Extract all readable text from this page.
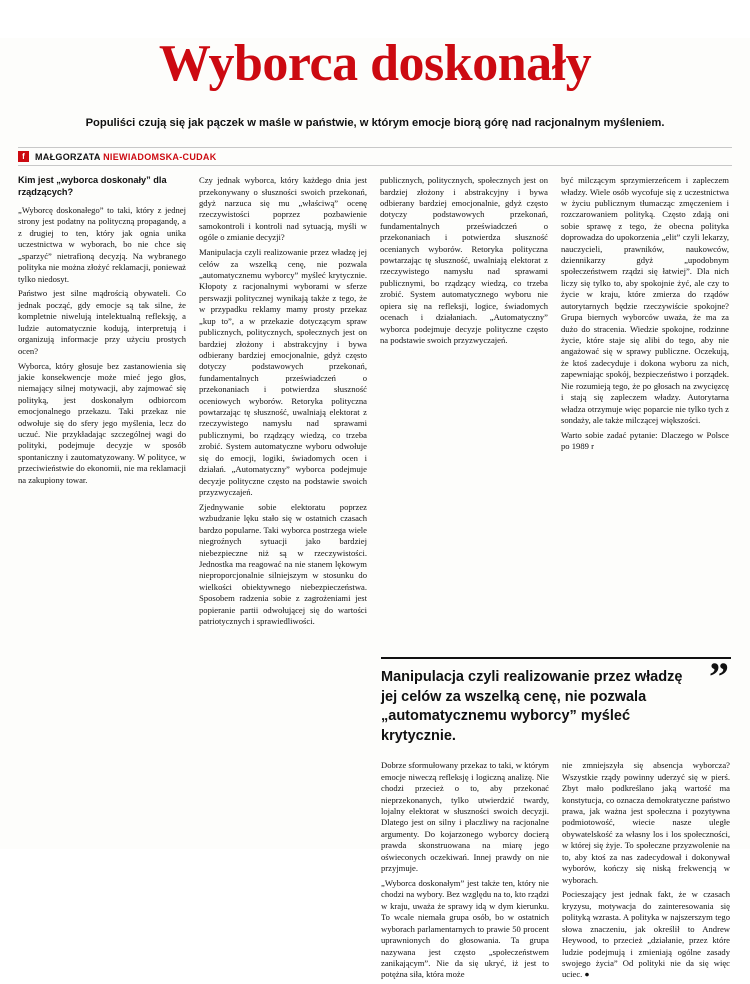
Wyborca doskonały
Populiści czują się jak pączek w maśle w państwie, w którym emocje biorą górę nad racjonalnym myśleniem.
f	MAŁGORZATA NIEWIADOMSKA-CUDAK
Kim jest „wyborca doskonały” dla rządzących?

„Wyborcę doskonałego” to taki, który z jednej strony jest podatny na polityczną propagandę, a z drugiej to ten, który jak ognia unika uczestnictwa w wyborach, bo nie chce się „sparzyć” nietrafioną decyzją. Na wybranego polityka nie można złożyć reklamacji, ponieważ tylko niedosyt.

Państwo jest silne mądrością obywateli. Co jednak począć, gdy emocje są tak silne, że kompletnie niwelują intelektualną refleksję, a ludzie automatycznie kodują, interpretują i organizują informacje przy użyciu prostych ocen?

Wyborca, który głosuje bez zastanowienia się jakie konsekwencje może mieć jego głos, niemający silnej motywacji, aby zajmować się polityką, jest doskonałym odbiorcom emocjonalnego przekazu. Taki przekaz nie odwołuje się do sfery jego myślenia, lecz do uczuć. Nie przykładając szczególnej wagi do polityki, podejmuje decyzje w sposób spontaniczny i zautomatyzowany. W polityce, w przeciwieństwie do ekonomii, nie ma reklamacji na zakupiony towar.

Czy jednak wyborca, który każdego dnia jest przekonywany o słuszności swoich przekonań, gdyż narzuca się mu „właściwą” ocenę rzeczywistości poprzez pozbawienie samokontroli i kontroli nad sytuacją, myśli w ogóle o zmianie decyzji?

Manipulacja czyli realizowanie przez władzę jej celów za wszelką cenę, nie pozwala „automatycznemu wyborcy” myśleć krytycznie. Kłopoty z racjonalnymi wyborami w sferze perswazji politycznej wynikają także z tego, że w przypadku reklamy mamy prosty przekaz „kup to”, a w przekazie dotyczącym spraw publicznych, politycznych, społecznych jest on bardziej złożony i abstrakcyjny i bywa odbierany bardziej emocjonalnie, gdyż często dotyczy podstawowych przekonań, fundamentalnych przeświadczeń o przekonaniach i potwierdza słuszność oceniowych wyborów. Retoryka polityczna powtarzając tę słuszność, uwalniają elektorat z rzeczywistego namysłu nad sprawami publicznymi, bo rządzący wiedzą, co trzeba zrobić. System automatyczne wyboru odwołuje się do emocji, logiki, świadomych ocen i działań. „Automatyczny” wyborca podejmuje decyzje polityczne często na podstawie swoich przyzwyczajeń.

Zjednywanie sobie elektoratu poprzez wzbudzanie lęku stało się w ostatnich czasach bardzo popularne. Taki wyborca postrzega wiele niegroźnych sytuacji jako bardziej niebezpieczne niż są w rzeczywistości. Jednostka ma reagować na nie stanem lękowym nieproporcjonalnie silniejszym w stosunku do wielkości obiektywnego niebezpieczeństwa. Sposobem radzenia sobie z zagrożeniami jest popieranie partii odwołującej się do wartości patriotycznych i sprawiedliwości.

publicznych, politycznych, społecznych jest on bardziej złożony i abstrakcyjny i bywa odbierany bardziej emocjonalnie, gdyż często dotyczy podstawowych przekonań, fundamentalnych przeświadczeń o przekonaniach i potwierdza słuszność ocenianych wyborów. Retoryka polityczna powtarzając tę słuszność, uwalniają elektorat z rzeczywistego namysłu nad sprawami publicznymi, bo rządzący wiedzą, co trzeba zrobić. System automatycznego wyboru nie opiera się na refleksji, logice, świadomych ocenach i działaniach. „Automatyczny” wyborca podejmuje decyzje polityczne często na podstawie swoich przyzwyczajeń.

być milczącym sprzymierzeńcem i zapleczem władzy. Wiele osób wycofuje się z uczestnictwa w życiu publicznym tłumacząc zmęczeniem i rozczarowaniem polityką. Często zdają oni sobie sprawę z tego, że obecna polityka doprowadza do upokorzenia „elit” czyli lekarzy, nauczycieli, prawników, naukowców, dziennikarzy gdyż „upodobnym społeczeństwem rządzi się łatwiej”. Dla nich liczy się tylko to, aby spokojnie żyć, ale czy to życie w kraju, które zmierza do rządów autorytarnych będzie rzeczywiście spokojne? Grupa biernych wyborców uważa, że ma za dużo do stracenia. Wiedzie spokojne, rodzinne życie, które staje się alibi do tego, aby nie angażować się w sprawy publiczne. Oczekują, że ktoś zadecyduje i dokona wyboru za nich, zapewniając spokój, bezpieczeństwo i porządek. Nie rozumieją tego, że po głosach na zwycięzcę i stają się zapleczem władzy. Autorytarna władza otrzymuje więc poparcie nie tylko tych z sondaży, ale także milczącej większości.

Warto sobie zadać pytanie: Dlaczego w Polsce po 1989 r

”

Manipulacja czyli realizowanie przez władzę jej celów za wszelką cenę, nie pozwala „automatycznemu wyborcy” myśleć krytycznie.

Dobrze sformułowany przekaz to taki, w którym emocje niweczą refleksję i logiczną analizę. Nie chodzi przecież o to, aby przekonać nieprzekonanych, tylko utwierdzić twardy, lojalny elektorat w słuszności swoich decyzji. Dlatego jest on silny i płaczliwy na racjonalne argumenty. Do kojarzonego wyborcy docierą prawda skonstruowana na miarę jego oświeconych oczekiwań. Innej prawdy on nie przyjmuje.

„Wyborca doskonałym” jest także ten, który nie chodzi na wybory. Bez względu na to, kto rządzi w kraju, uważa że sprawy idą w dym kierunku. To wcale niemała grupa osób, bo w ostatnich wyborach parlamentarnych to prawie 50 procent uprawnionych do głosowania. Ta grupa nazywana jest często „społeczeństwem zanikającym”. Nie da się ukryć, iż jest to potężna siła, która może

nie zmniejszyła się absencja wyborcza? Wszystkie rządy powinny uderzyć się w pierś. Zbyt mało podkreślano jaką wartość ma konstytucja, co oznacza demokratyczne państwo prawa, jak ważna jest społeczna i pozytywna podmiotowość, wiecie nasze uległe obywatelskość za własny los i los społeczności, w której się żyje. To społeczne przyzwolenie na to, aby ktoś za nas zadecydował i dokonywał wyborów, kończy się niską frekwencją w wyborach.

Pocieszający jest jednak fakt, że w czasach kryzysu, motywacja do zainteresowania się polityką wzrasta. A polityka w najszerszym tego słowa znaczeniu, jak określił to Andrew Heywood, to przecież „działanie, przez które ludzie podejmują i zmieniają ogólne zasady swojego życia” Od polityki nie da się więc uciec. ●
